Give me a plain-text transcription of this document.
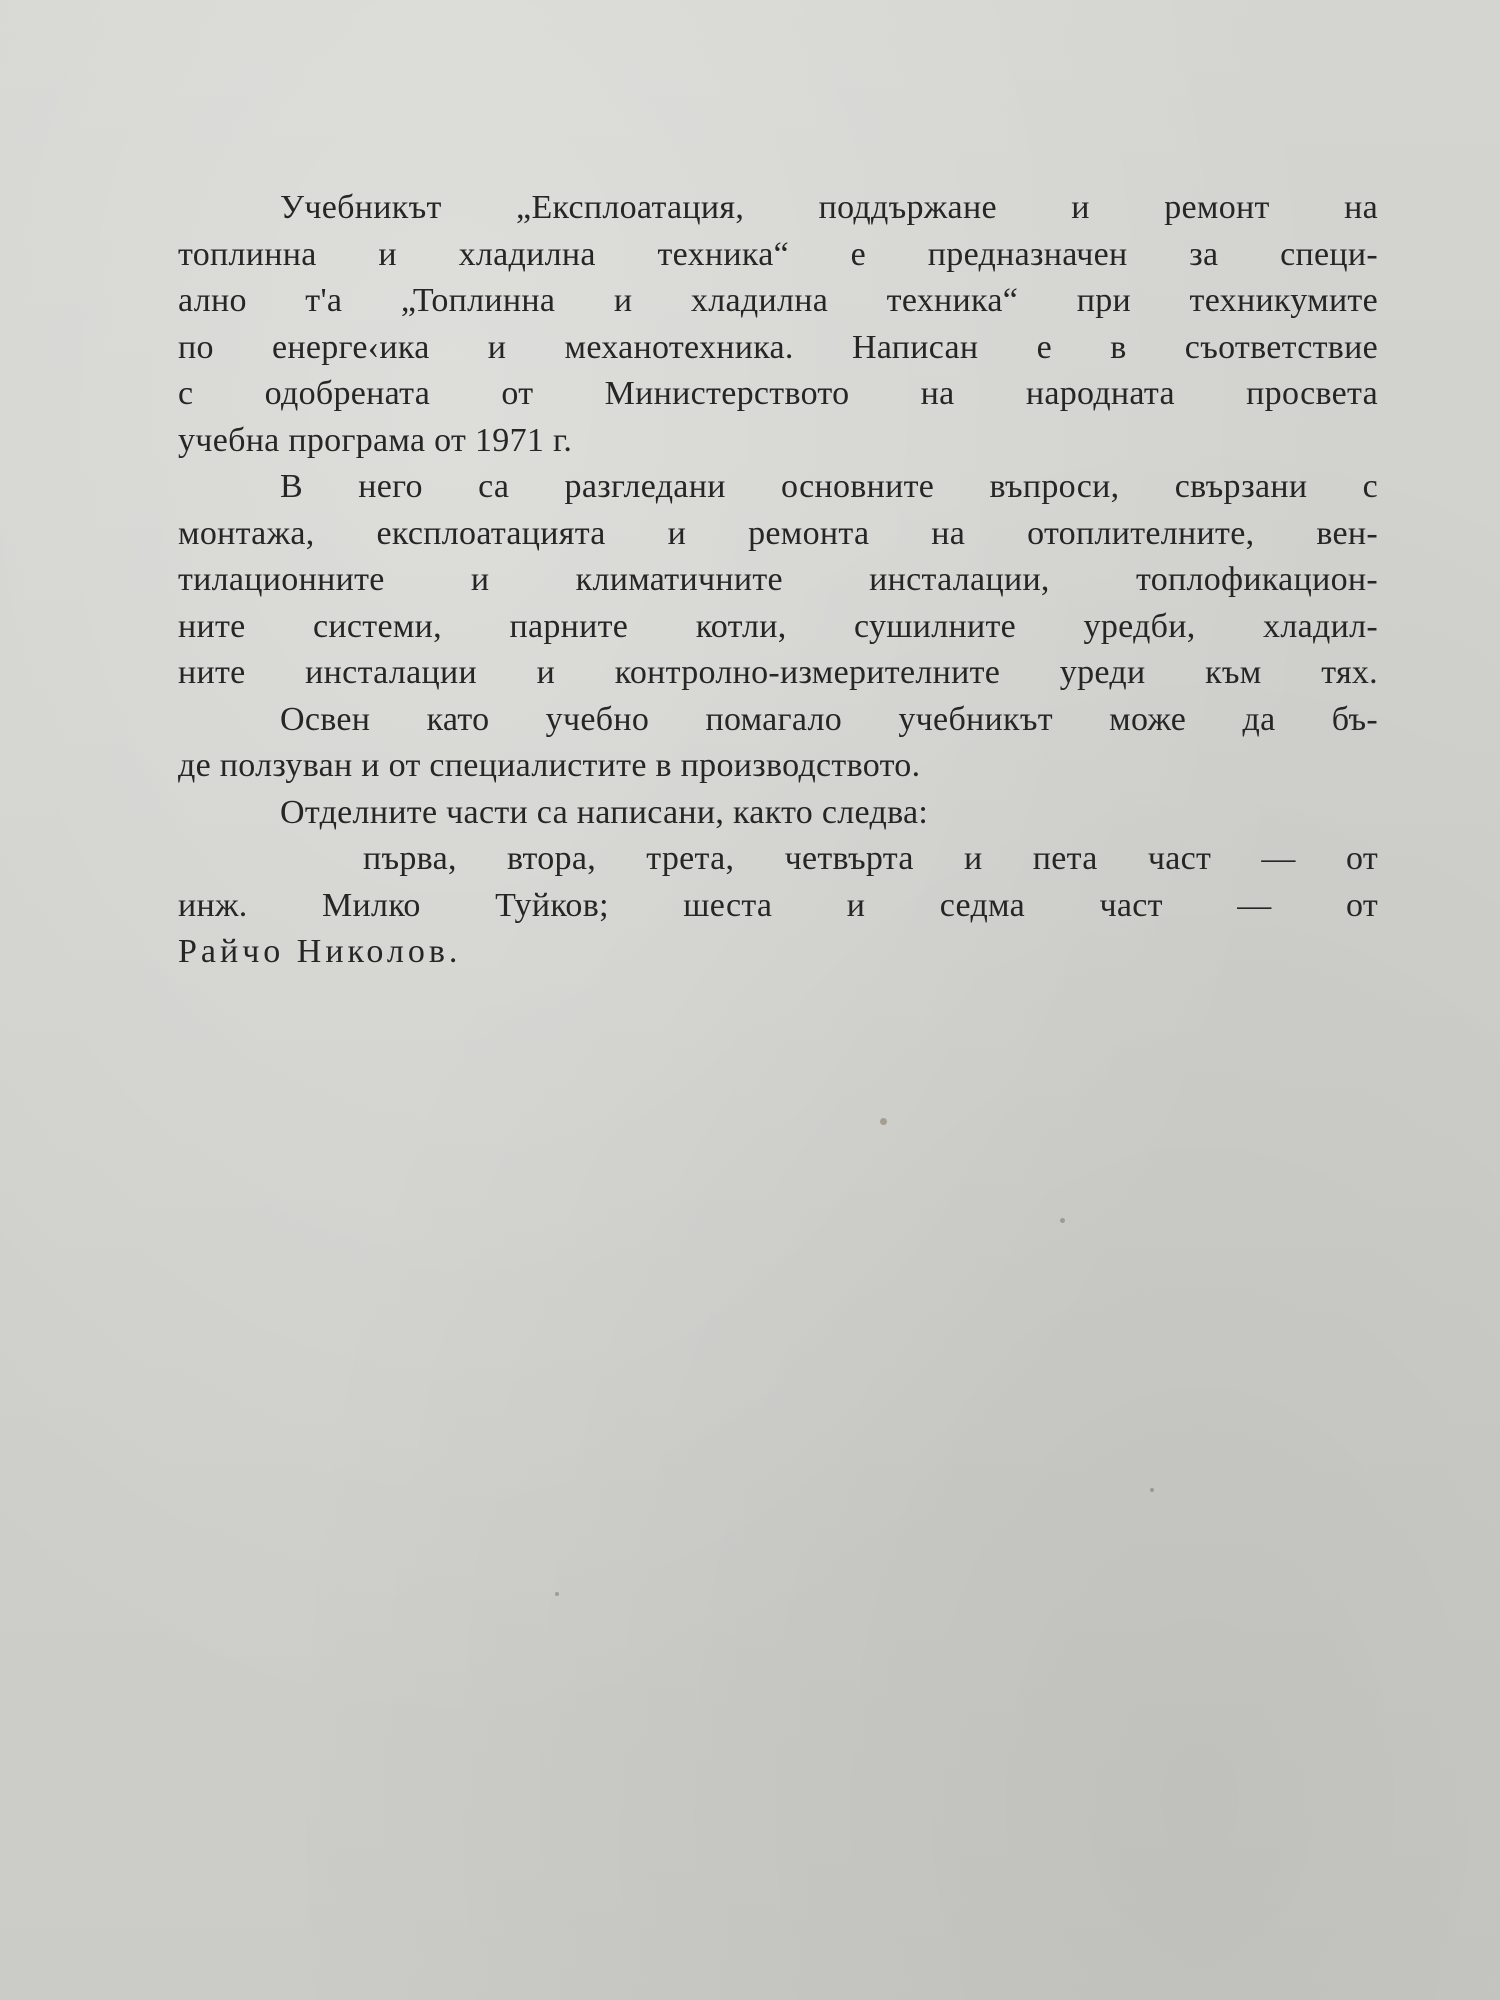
Учебникът „Експлоатация, поддържане и ремонт на
топлинна и хладилна техника“ е предназначен за специ-
ално т'а „Топлинна и хладилна техника“ при техникумите
по енерге‹ика и механотехника. Написан е в съответствие
с одобрената от Министерството на народната просвета
учебна програма от 1971 г.
В него са разгледани основните въпроси, свързани с
монтажа, експлоатацията и ремонта на отоплителните, вен-
тилационните и климатичните инсталации, топлофикацион-
ните системи, парните котли, сушилните уредби, хладил-
ните инсталации и контролно-измерителните уреди към тях.
Освен като учебно помагало учебникът може да бъ-
де ползуван и от специалистите в производството.
Отделните части са написани, както следва:
първа, втора, трета, четвърта и пета част — от
инж. Милко Туйков; шеста и седма част — от
Райчо Николов.
